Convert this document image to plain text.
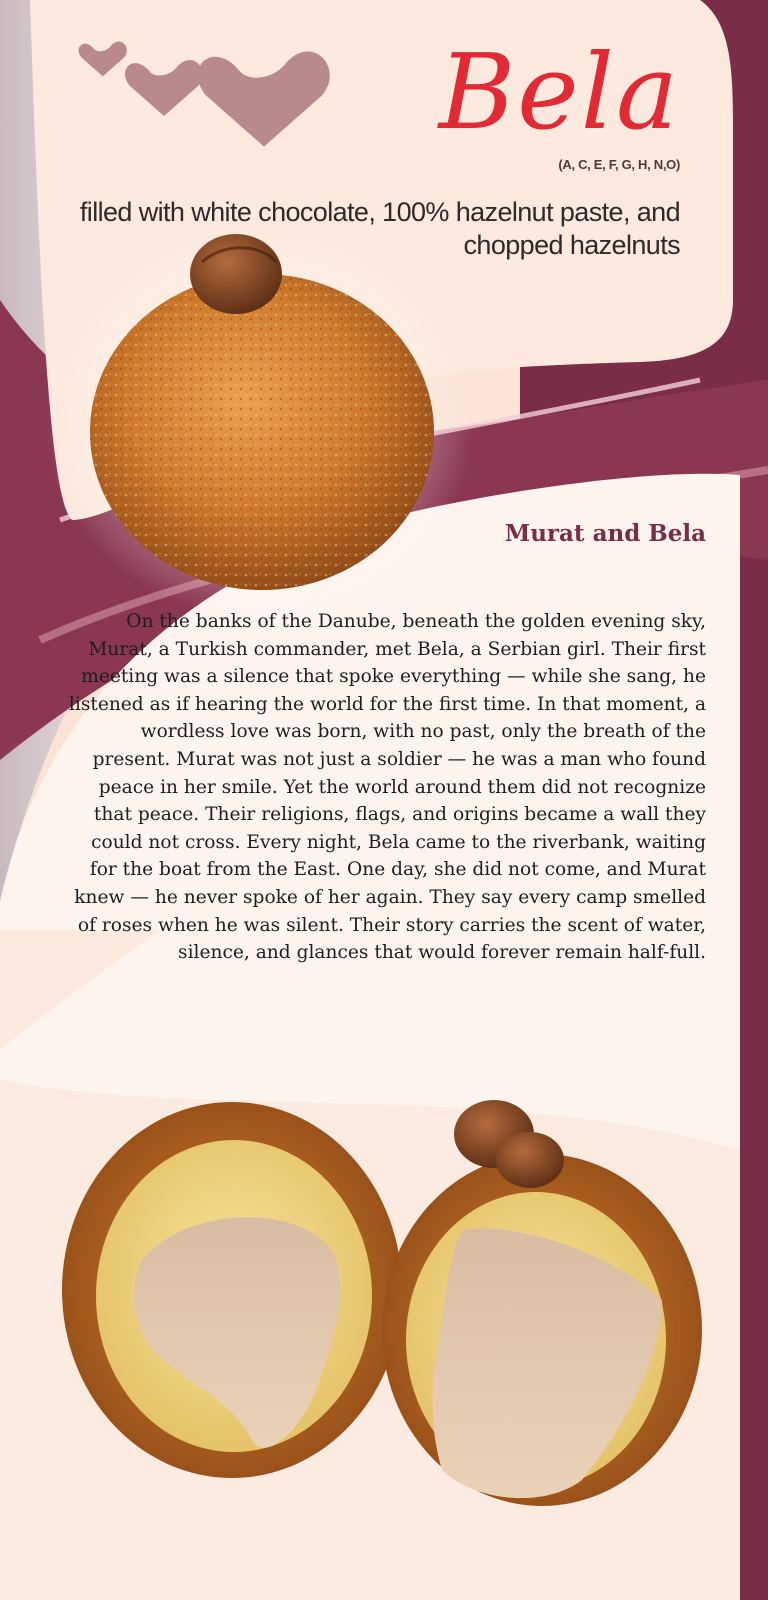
Bela
(A, C, E, F, G, H, N,O)
filled with white chocolate, 100% hazelnut paste, and chopped hazelnuts
Murat and Bela
On the banks of the Danube, beneath the golden evening sky, Murat, a Turkish commander, met Bela, a Serbian girl. Their first meeting was a silence that spoke everything — while she sang, he listened as if hearing the world for the first time. In that moment, a wordless love was born, with no past, only the breath of the present. Murat was not just a soldier — he was a man who found peace in her smile. Yet the world around them did not recognize that peace. Their religions, flags, and origins became a wall they could not cross. Every night, Bela came to the riverbank, waiting for the boat from the East. One day, she did not come, and Murat knew — he never spoke of her again. They say every camp smelled of roses when he was silent. Their story carries the scent of water, silence, and glances that would forever remain half-full.
